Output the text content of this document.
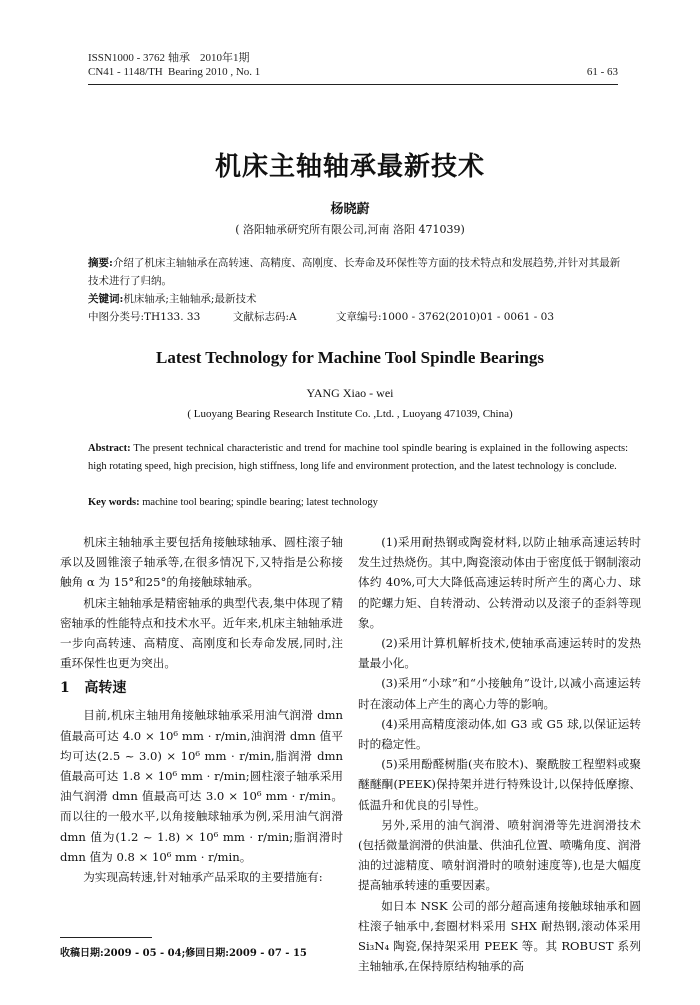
ISSN1000 - 3762 轴承 2010年1期
CN41 - 1148/TH Bearing 2010 , No. 1	61 - 63
机床主轴轴承最新技术
杨晓蔚
( 洛阳轴承研究所有限公司,河南 洛阳 471039)
摘要:介绍了机床主轴轴承在高转速、高精度、高刚度、长寿命及环保性等方面的技术特点和发展趋势,并针对其最新技术进行了归纳。
关键词:机床轴承;主轴轴承;最新技术
中图分类号:TH133. 33	文献标志码:A	文章编号:1000 - 3762(2010)01 - 0061 - 03
Latest Technology for Machine Tool Spindle Bearings
YANG Xiao - wei
( Luoyang Bearing Research Institute Co. ,Ltd. , Luoyang 471039, China)
Abstract: The present technical characteristic and trend for machine tool spindle bearing is explained in the following aspects: high rotating speed, high precision, high stiffness, long life and environment protection, and the latest technology is conclude.
Key words: machine tool bearing; spindle bearing; latest technology

机床主轴轴承主要包括角接触球轴承、圆柱滚子轴承以及圆锥滚子轴承等,在很多情况下,又特指是公称接触角 α 为 15°和25°的角接触球轴承。

机床主轴轴承是精密轴承的典型代表,集中体现了精密轴承的性能特点和技术水平。近年来,机床主轴轴承进一步向高转速、高精度、高刚度和长寿命发展,同时,注重环保性也更为突出。

1 高转速

目前,机床主轴用角接触球轴承采用油气润滑 dmn 值最高可达 4.0 × 10⁶ mm · r/min,油润滑 dmn 值平均可达(2.5 ~ 3.0) × 10⁶ mm · r/min,脂润滑 dmn 值最高可达 1.8 × 10⁶ mm · r/min;圆柱滚子轴承采用油气润滑 dmn 值最高可达 3.0 × 10⁶ mm · r/min。而以往的一般水平,以角接触球轴承为例,采用油气润滑 dmn 值为(1.2 ~ 1.8) × 10⁶ mm · r/min;脂润滑时 dmn 值为 0.8 × 10⁶ mm · r/min。

为实现高转速,针对轴承产品采取的主要措施有:

收稿日期:2009 - 05 - 04;修回日期:2009 - 07 - 15

(1)采用耐热钢或陶瓷材料,以防止轴承高速运转时发生过热烧伤。其中,陶瓷滚动体由于密度低于钢制滚动体约 40%,可大大降低高速运转时所产生的离心力、球的陀螺力矩、自转滑动、公转滑动以及滚子的歪斜等现象。

(2)采用计算机解析技术,使轴承高速运转时的发热量最小化。

(3)采用“小球”和“小接触角”设计,以减小高速运转时在滚动体上产生的离心力等的影响。

(4)采用高精度滚动体,如 G3 或 G5 球,以保证运转时的稳定性。

(5)采用酚醛树脂(夹布胶木)、聚酰胺工程塑料或聚醚醚酮(PEEK)保持架并进行特殊设计,以保持低摩擦、低温升和优良的引导性。

另外,采用的油气润滑、喷射润滑等先进润滑技术(包括微量润滑的供油量、供油孔位置、喷嘴角度、润滑油的过滤精度、喷射润滑时的喷射速度等),也是大幅度提高轴承转速的重要因素。

如日本 NSK 公司的部分超高速角接触球轴承和圆柱滚子轴承中,套圈材料采用 SHX 耐热钢,滚动体采用 Si₃N₄ 陶瓷,保持架采用 PEEK 等。其 ROBUST 系列主轴轴承,在保持原结构轴承的高
